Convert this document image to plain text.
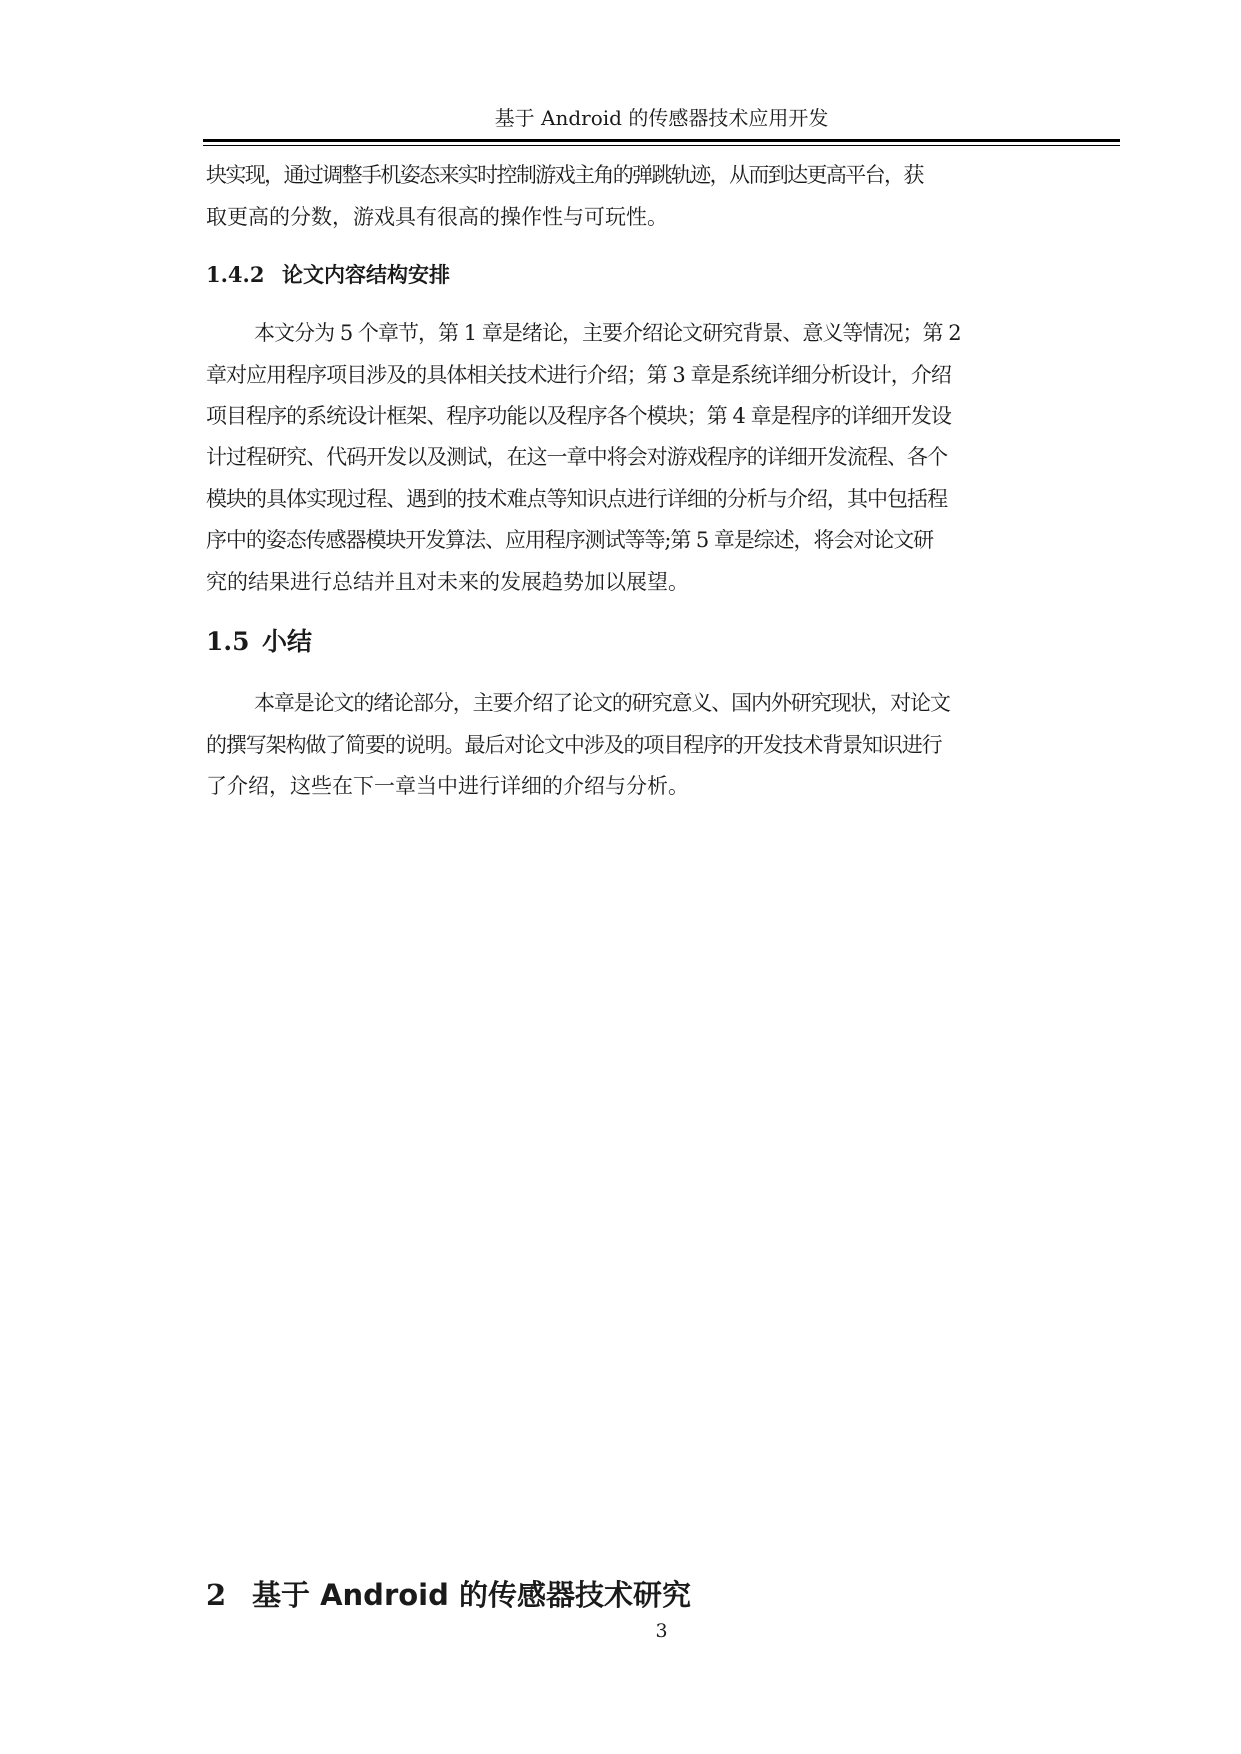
基于 Android 的传感器技术应用开发
块实现，通过调整手机姿态来实时控制游戏主角的弹跳轨迹，从而到达更高平台，获
取更高的分数，游戏具有很高的操作性与可玩性。
1.4.2 论文内容结构安排
本文分为 5 个章节，第 1 章是绪论，主要介绍论文研究背景、意义等情况；第 2
章对应用程序项目涉及的具体相关技术进行介绍；第 3 章是系统详细分析设计，介绍
项目程序的系统设计框架、程序功能以及程序各个模块；第 4 章是程序的详细开发设
计过程研究、代码开发以及测试，在这一章中将会对游戏程序的详细开发流程、各个
模块的具体实现过程、遇到的技术难点等知识点进行详细的分析与介绍，其中包括程
序中的姿态传感器模块开发算法、应用程序测试等等;第 5 章是综述，将会对论文研
究的结果进行总结并且对未来的发展趋势加以展望。
1.5 小结
本章是论文的绪论部分，主要介绍了论文的研究意义、国内外研究现状，对论文
的撰写架构做了简要的说明。最后对论文中涉及的项目程序的开发技术背景知识进行
了介绍，这些在下一章当中进行详细的介绍与分析。
2 基于 Android 的传感器技术研究
3
